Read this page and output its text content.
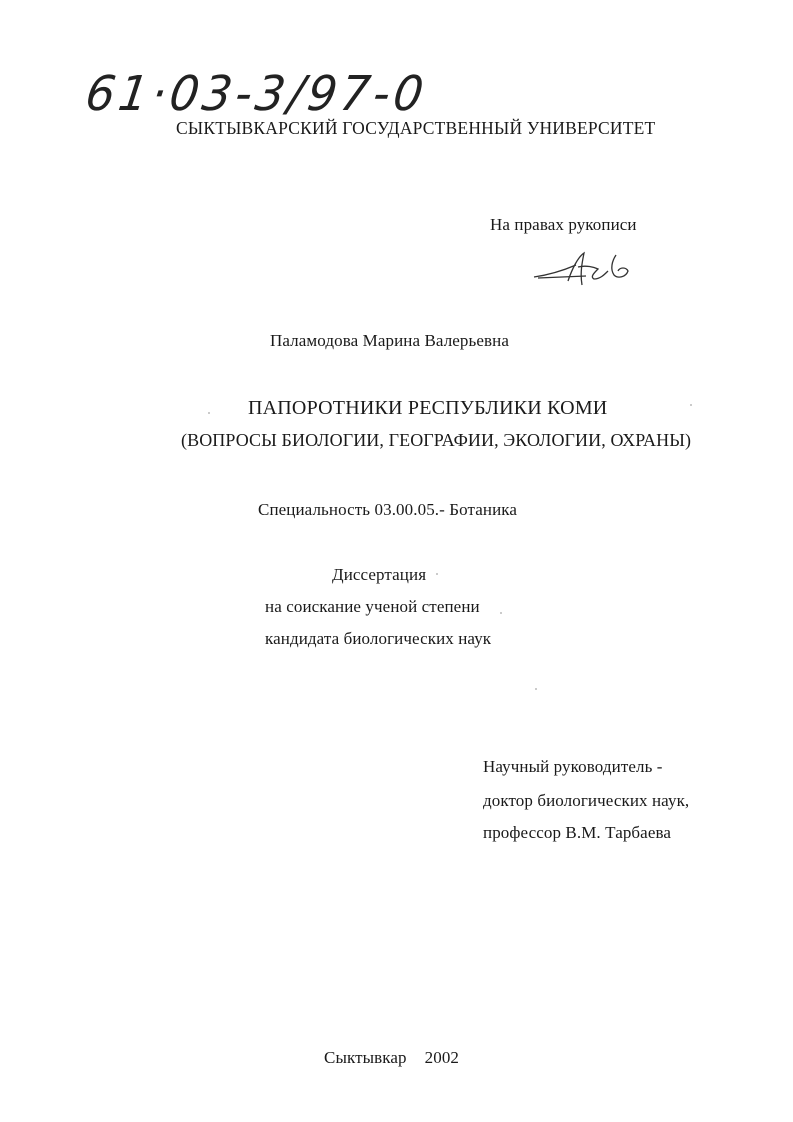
61·03-3/97-0
СЫКТЫВКАРСКИЙ ГОСУДАРСТВЕННЫЙ УНИВЕРСИТЕТ
На правах рукописи
Паламодова Марина Валерьевна
ПАПОРОТНИКИ РЕСПУБЛИКИ КОМИ
(ВОПРОСЫ БИОЛОГИИ, ГЕОГРАФИИ, ЭКОЛОГИИ, ОХРАНЫ)
Специальность 03.00.05.- Ботаника
Диссертация
на соискание ученой степени
кандидата биологических наук
Научный руководитель -
доктор биологических наук,
профессор В.М. Тарбаева
Сыктывкар 2002
